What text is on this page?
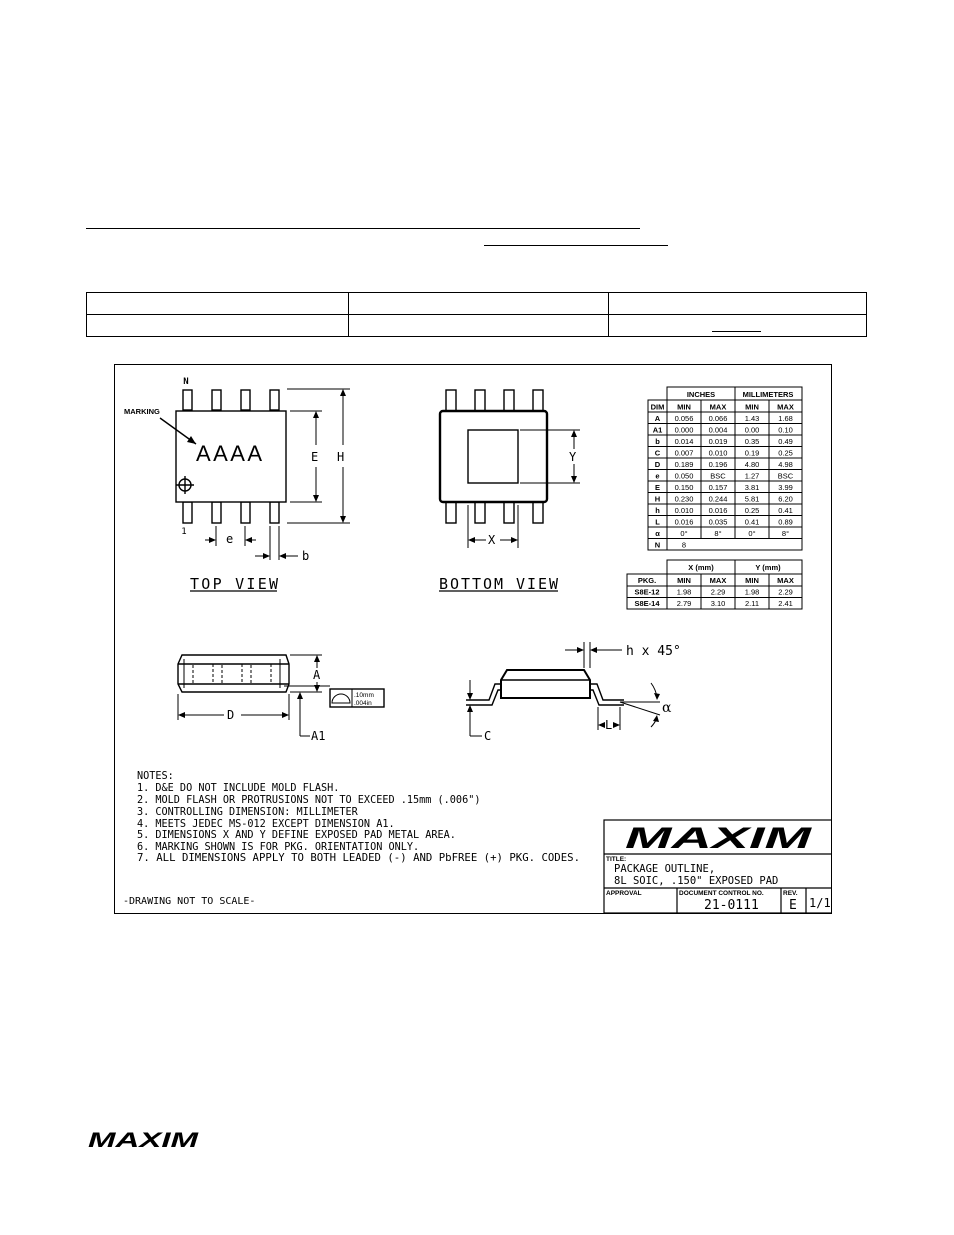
N
1
MARKING
AAAA	E H
e
b
TOP VIEW
Y
X
BOTTOM VIEW
INCHES	MILLIMETERS
DIM MIN	MAX	MIN MAX
A 0.056 0.066 1.43	1.68
A1 0.000 0.004 0.00	0.10
b 0.014 0.019 0.35	0.49
C 0.007 0.010 0.19	0.25
D 0.189 0.196 4.80	4.98
e 0.050 BSC	1.27 BSC
E 0.150 0.157 3.81	3.99
H 0.230 0.244 5.81	6.20
h 0.010 0.016 0.25	0.41
L 0.016 0.035 0.41	0.89
α	0°	8°	0°	8°
N	8
X (mm)	Y (mm)
PKG.	MIN	MAX	MIN MAX
S8E-12 1.98	2.29	1.98	2.29
S8E-14 2.79	3.10	2.11	2.41
A
D
A1
.10mm
.004in
h x 45°
C
L
α
NOTES:
1. D&E DO NOT INCLUDE MOLD FLASH.
2. MOLD FLASH OR PROTRUSIONS NOT TO EXCEED .15mm (.006")
3. CONTROLLING DIMENSION: MILLIMETER
4. MEETS JEDEC MS-012 EXCEPT DIMENSION A1.
5. DIMENSIONS X AND Y DEFINE EXPOSED PAD METAL AREA.
6. MARKING SHOWN IS FOR PKG. ORIENTATION ONLY.
7. ALL DIMENSIONS APPLY TO BOTH LEADED (-) AND PbFREE (+) PKG. CODES.
-DRAWING NOT TO SCALE-
MAXIM
TITLE:
PACKAGE OUTLINE,
8L SOIC, .150" EXPOSED PAD
APPROVAL	DOCUMENT CONTROL NO.
21-0111
REV.
E 1/1
MAXIM
